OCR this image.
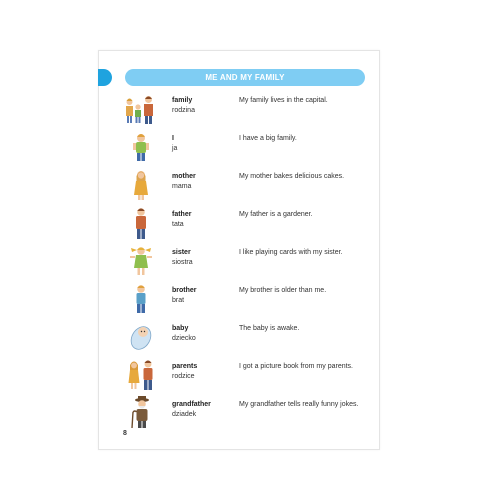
ME AND MY FAMILY
family
rodzina
My family lives in the capital.
I
ja
I have a big family.
mother
mama
My mother bakes delicious cakes.
father
tata
My father is a gardener.
sister
siostra
I like playing cards with my sister.
brother
brat
My brother is older than me.
baby
dziecko
The baby is awake.
parents
rodzice
I got a picture book from my parents.
grandfather
dziadek
My grandfather tells really funny jokes.
8
